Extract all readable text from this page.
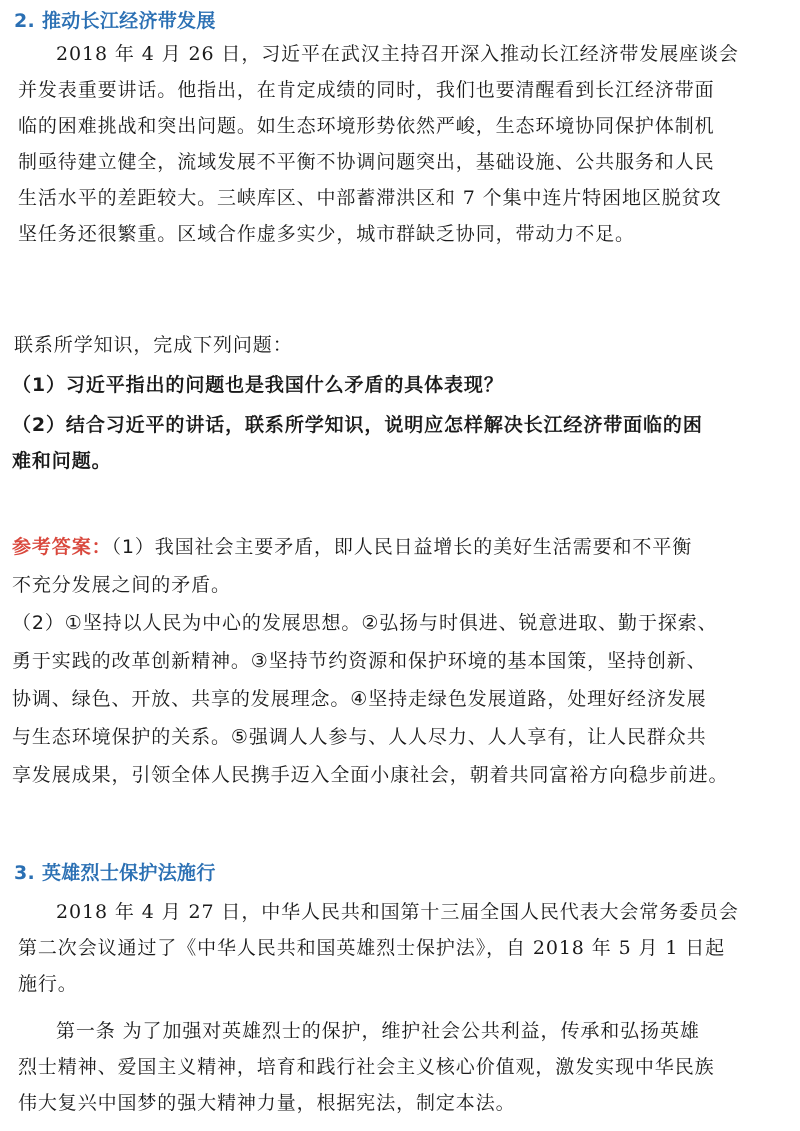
2. 推动长江经济带发展
2018 年 4 月 26 日，习近平在武汉主持召开深入推动长江经济带发展座谈会
并发表重要讲话。他指出，在肯定成绩的同时，我们也要清醒看到长江经济带面
临的困难挑战和突出问题。如生态环境形势依然严峻，生态环境协同保护体制机
制亟待建立健全，流域发展不平衡不协调问题突出，基础设施、公共服务和人民
生活水平的差距较大。三峡库区、中部蓄滞洪区和 7 个集中连片特困地区脱贫攻
坚任务还很繁重。区域合作虚多实少，城市群缺乏协同，带动力不足。
联系所学知识，完成下列问题：
（1）习近平指出的问题也是我国什么矛盾的具体表现？
（2）结合习近平的讲话，联系所学知识，说明应怎样解决长江经济带面临的困
难和问题。
参考答案：（1）我国社会主要矛盾，即人民日益增长的美好生活需要和不平衡
不充分发展之间的矛盾。
（2）①坚持以人民为中心的发展思想。②弘扬与时俱进、锐意进取、勤于探索、
勇于实践的改革创新精神。③坚持节约资源和保护环境的基本国策，坚持创新、
协调、绿色、开放、共享的发展理念。④坚持走绿色发展道路，处理好经济发展
与生态环境保护的关系。⑤强调人人参与、人人尽力、人人享有，让人民群众共
享发展成果，引领全体人民携手迈入全面小康社会，朝着共同富裕方向稳步前进。
3. 英雄烈士保护法施行
2018 年 4 月 27 日，中华人民共和国第十三届全国人民代表大会常务委员会
第二次会议通过了《中华人民共和国英雄烈士保护法》，自 2018 年 5 月 1 日起
施行。
第一条 为了加强对英雄烈士的保护，维护社会公共利益，传承和弘扬英雄
烈士精神、爱国主义精神，培育和践行社会主义核心价值观，激发实现中华民族
伟大复兴中国梦的强大精神力量，根据宪法，制定本法。
